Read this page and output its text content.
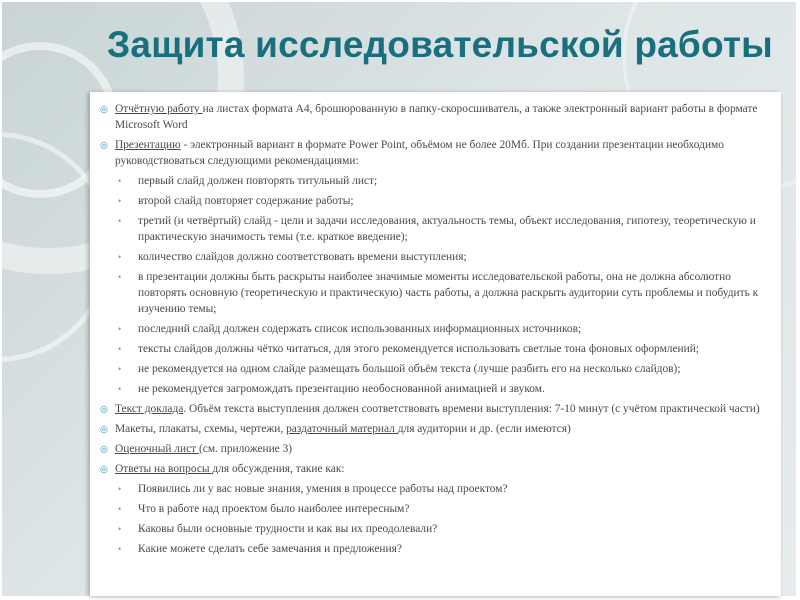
Защита исследовательской работы
◎ Отчётную работу на листах формата А4, брошюрованную в папку-скоросшиватель, а также электронный вариант работы в формате Microsoft Word
◎ Презентацию - электронный вариант в формате Power Point, объёмом не более 20Мб. При создании презентации необходимо руководствоваться следующими рекомендациями:
• первый слайд должен повторять титульный лист;
• второй слайд повторяет содержание работы;
• третий (и четвёртый) слайд - цели и задачи исследования, актуальность темы, объект исследования, гипотезу, теоретическую и практическую значимость темы (т.е. краткое введение);
• количество слайдов должно соответствовать времени выступления;
• в презентации должны быть раскрыты наиболее значимые моменты исследовательской работы, она не должна абсолютно повторять основную (теоретическую и практическую) часть работы, а должна раскрыть аудитории суть проблемы и побудить к изучению темы;
• последний слайд должен содержать список использованных информационных источников;
• тексты слайдов должны чётко читаться, для этого рекомендуется использовать светлые тона фоновых оформлений;
• не рекомендуется на одном слайде размещать большой объём текста (лучше разбить его на несколько слайдов);
• не рекомендуется загромождать презентацию необоснованной анимацией и звуком.
◎ Текст доклада. Объём текста выступления должен соответствовать времени выступления: 7-10 минут (с учётом практической части)
◎ Макеты, плакаты, схемы, чертежи, раздаточный материал для аудитории и др. (если имеются)
◎ Оценочный лист (см. приложение 3)
◎ Ответы на вопросы для обсуждения, такие как:
• Появились ли у вас новые знания, умения в процессе работы над проектом?
• Что в работе над проектом было наиболее интересным?
• Каковы были основные трудности и как вы их преодолевали?
• Какие можете сделать себе замечания и предложения?
